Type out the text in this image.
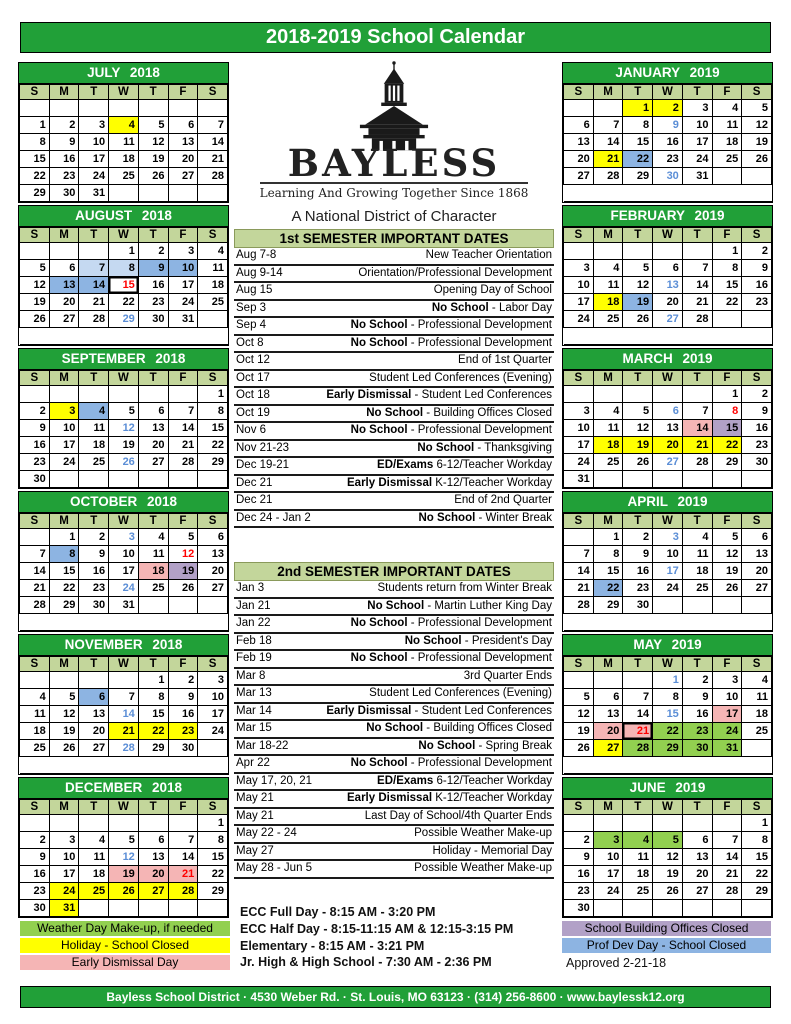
2018-2019 School Calendar
JULY 2018
S	M	T	W	T	F	S

1	2	3	4	5	6	7
8	9	10	11	12	13	14
15	16	17	18	19	20	21
22	23	24	25	26	27	28
29	30	31				
AUGUST 2018
S	M	T	W	T	F	S
			1	2	3	4
5	6	7	8	9	10	11
12	13	14	15	16	17	18
19	20	21	22	23	24	25
26	27	28	29	30	31	

SEPTEMBER 2018
S	M	T	W	T	F	S
						1
2	3	4	5	6	7	8
9	10	11	12	13	14	15
16	17	18	19	20	21	22
23	24	25	26	27	28	29
30						
OCTOBER 2018
S	M	T	W	T	F	S
	1	2	3	4	5	6
7	8	9	10	11	12	13
14	15	16	17	18	19	20
21	22	23	24	25	26	27
28	29	30	31			

NOVEMBER 2018
S	M	T	W	T	F	S
				1	2	3
4	5	6	7	8	9	10
11	12	13	14	15	16	17
18	19	20	21	22	23	24
25	26	27	28	29	30	

DECEMBER 2018
S	M	T	W	T	F	S
						1
2	3	4	5	6	7	8
9	10	11	12	13	14	15
16	17	18	19	20	21	22
23	24	25	26	27	28	29
30	31					
JANUARY 2019
S	M	T	W	T	F	S
		1	2	3	4	5
6	7	8	9	10	11	12
13	14	15	16	17	18	19
20	21	22	23	24	25	26
27	28	29	30	31		

FEBRUARY 2019
S	M	T	W	T	F	S
					1	2
3	4	5	6	7	8	9
10	11	12	13	14	15	16
17	18	19	20	21	22	23
24	25	26	27	28		

MARCH 2019
S	M	T	W	T	F	S
					1	2
3	4	5	6	7	8	9
10	11	12	13	14	15	16
17	18	19	20	21	22	23
24	25	26	27	28	29	30
31						
APRIL 2019
S	M	T	W	T	F	S
	1	2	3	4	5	6
7	8	9	10	11	12	13
14	15	16	17	18	19	20
21	22	23	24	25	26	27
28	29	30				

MAY 2019
S	M	T	W	T	F	S
			1	2	3	4
5	6	7	8	9	10	11
12	13	14	15	16	17	18
19	20	21	22	23	24	25
26	27	28	29	30	31	

JUNE 2019
S	M	T	W	T	F	S
						1
2	3	4	5	6	7	8
9	10	11	12	13	14	15
16	17	18	19	20	21	22
23	24	25	26	27	28	29
30						
BAYLESS
Learning And Growing Together Since 1868
A National District of Character
1st SEMESTER IMPORTANT DATES
Aug 7-8	New Teacher Orientation
Aug 9-14	Orientation/Professional Development
Aug 15	Opening Day of School
Sep 3	No School - Labor Day
Sep 4	No School - Professional Development
Oct 8	No School - Professional Development
Oct 12	End of 1st Quarter
Oct 17	Student Led Conferences (Evening)
Oct 18	Early Dismissal - Student Led Conferences
Oct 19	No School - Building Offices Closed
Nov 6	No School - Professional Development
Nov 21-23	No School - Thanksgiving
Dec 19-21	ED/Exams 6-12/Teacher Workday
Dec 21	Early Dismissal K-12/Teacher Workday
Dec 21	End of 2nd Quarter
Dec 24 - Jan 2	No School - Winter Break
2nd SEMESTER IMPORTANT DATES
Jan 3	Students return from Winter Break
Jan 21	No School - Martin Luther King Day
Jan 22	No School - Professional Development
Feb 18	No School - President's Day
Feb 19	No School - Professional Development
Mar 8	3rd Quarter Ends
Mar 13	Student Led Conferences (Evening)
Mar 14	Early Dismissal - Student Led Conferences
Mar 15	No School - Building Offices Closed
Mar 18-22	No School - Spring Break
Apr 22	No School - Professional Development
May 17, 20, 21	ED/Exams 6-12/Teacher Workday
May 21	Early Dismissal K-12/Teacher Workday
May 21	Last Day of School/4th Quarter Ends
May 22 - 24	Possible Weather Make-up
May 27	Holiday - Memorial Day
May 28 - Jun 5	Possible Weather Make-up
Weather Day Make-up, if needed
Holiday - School Closed
Early Dismissal Day
ECC Full Day - 8:15 AM - 3:20 PM
ECC Half Day - 8:15-11:15 AM & 12:15-3:15 PM
Elementary - 8:15 AM - 3:21 PM
Jr. High & High School - 7:30 AM - 2:36 PM
School Building Offices Closed
Prof Dev Day - School Closed
Approved 2-21-18
Bayless School District · 4530 Weber Rd. · St. Louis, MO 63123 · (314) 256-8600 · www.baylessk12.org
